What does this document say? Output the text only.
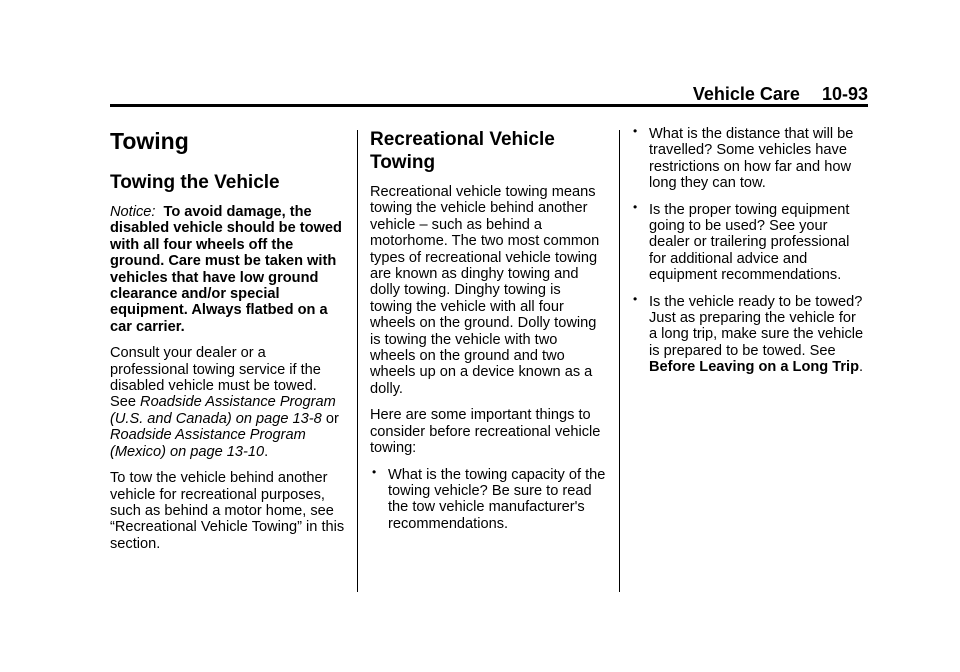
Vehicle Care 10-93
Towing
Towing the Vehicle

Notice: To avoid damage, the disabled vehicle should be towed with all four wheels off the ground. Care must be taken with vehicles that have low ground clearance and/or special equipment. Always flatbed on a car carrier.

Consult your dealer or a professional towing service if the disabled vehicle must be towed. See Roadside Assistance Program (U.S. and Canada) on page 13-8 or Roadside Assistance Program (Mexico) on page 13-10.

To tow the vehicle behind another vehicle for recreational purposes, such as behind a motor home, see “Recreational Vehicle Towing” in this section.

Recreational Vehicle Towing

Recreational vehicle towing means towing the vehicle behind another vehicle – such as behind a motorhome. The two most common types of recreational vehicle towing are known as dinghy towing and dolly towing. Dinghy towing is towing the vehicle with all four wheels on the ground. Dolly towing is towing the vehicle with two wheels on the ground and two wheels up on a device known as a dolly.

Here are some important things to consider before recreational vehicle towing:

• What is the towing capacity of the towing vehicle? Be sure to read the tow vehicle manufacturer's recommendations.
• What is the distance that will be travelled? Some vehicles have restrictions on how far and how long they can tow.
• Is the proper towing equipment going to be used? See your dealer or trailering professional for additional advice and equipment recommendations.
• Is the vehicle ready to be towed? Just as preparing the vehicle for a long trip, make sure the vehicle is prepared to be towed. See Before Leaving on a Long Trip.
